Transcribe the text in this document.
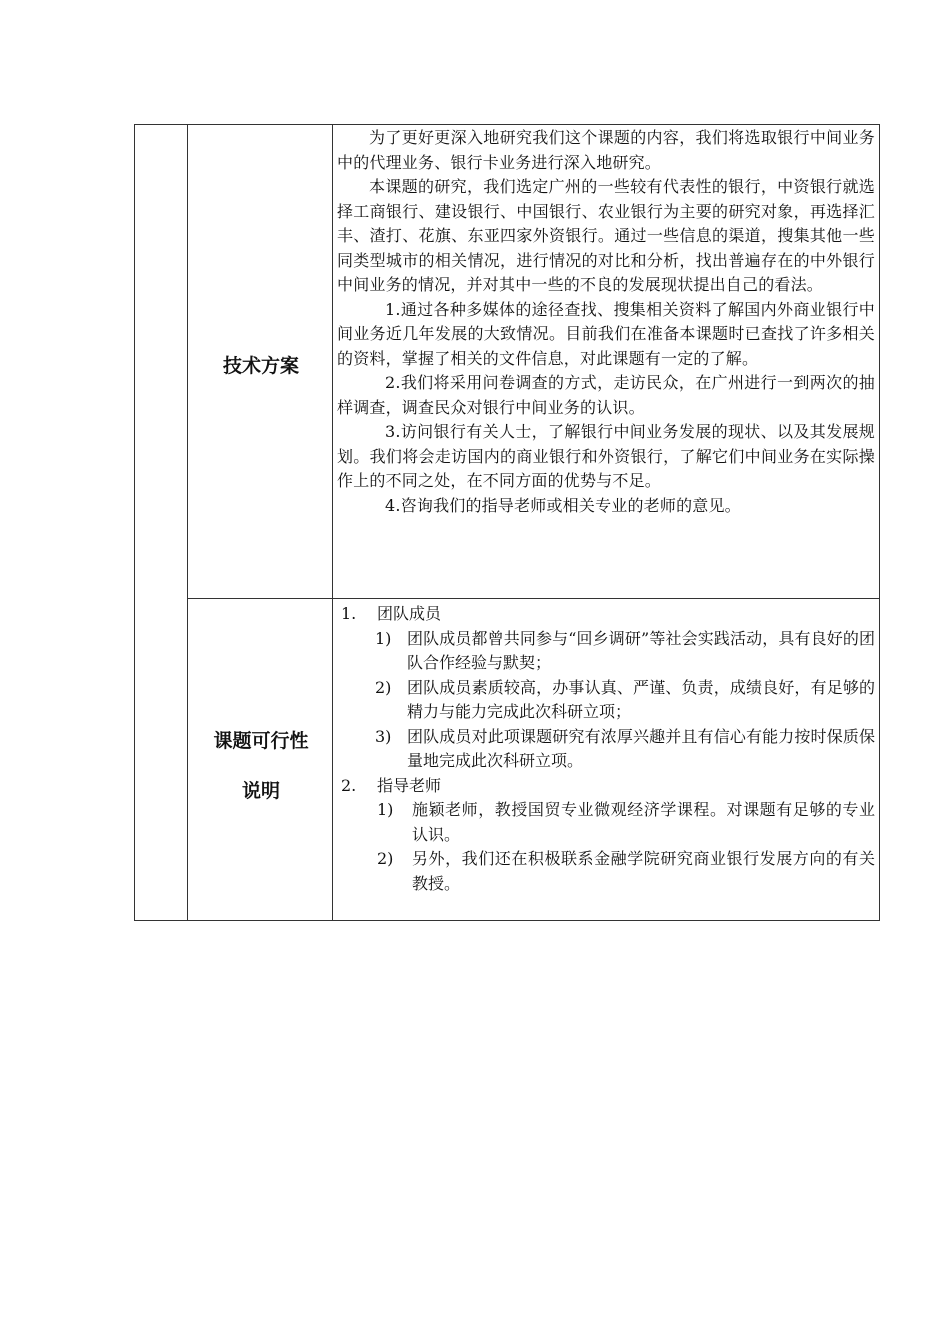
技术方案

为了更好更深入地研究我们这个课题的内容，我们将选取银行中间业务中的代理业务、银行卡业务进行深入地研究。

本课题的研究，我们选定广州的一些较有代表性的银行，中资银行就选择工商银行、建设银行、中国银行、农业银行为主要的研究对象，再选择汇丰、渣打、花旗、东亚四家外资银行。通过一些信息的渠道，搜集其他一些同类型城市的相关情况，进行情况的对比和分析，找出普遍存在的中外银行中间业务的情况，并对其中一些的不良的发展现状提出自己的看法。

1.通过各种多媒体的途径查找、搜集相关资料了解国内外商业银行中间业务近几年发展的大致情况。目前我们在准备本课题时已查找了许多相关的资料，掌握了相关的文件信息，对此课题有一定的了解。

2.我们将采用问卷调查的方式，走访民众，在广州进行一到两次的抽样调查，调查民众对银行中间业务的认识。

3.访问银行有关人士，了解银行中间业务发展的现状、以及其发展规划。我们将会走访国内的商业银行和外资银行，了解它们中间业务在实际操作上的不同之处，在不同方面的优势与不足。

4.咨询我们的指导老师或相关专业的老师的意见。

课题可行性
说明

1. 团队成员

1) 团队成员都曾共同参与“回乡调研”等社会实践活动，具有良好的团队合作经验与默契；

2) 团队成员素质较高，办事认真、严谨、负责，成绩良好，有足够的精力与能力完成此次科研立项；

3) 团队成员对此项课题研究有浓厚兴趣并且有信心有能力按时保质保量地完成此次科研立项。

2. 指导老师

1) 施颖老师，教授国贸专业微观经济学课程。对课题有足够的专业认识。

2) 另外，我们还在积极联系金融学院研究商业银行发展方向的有关教授。
